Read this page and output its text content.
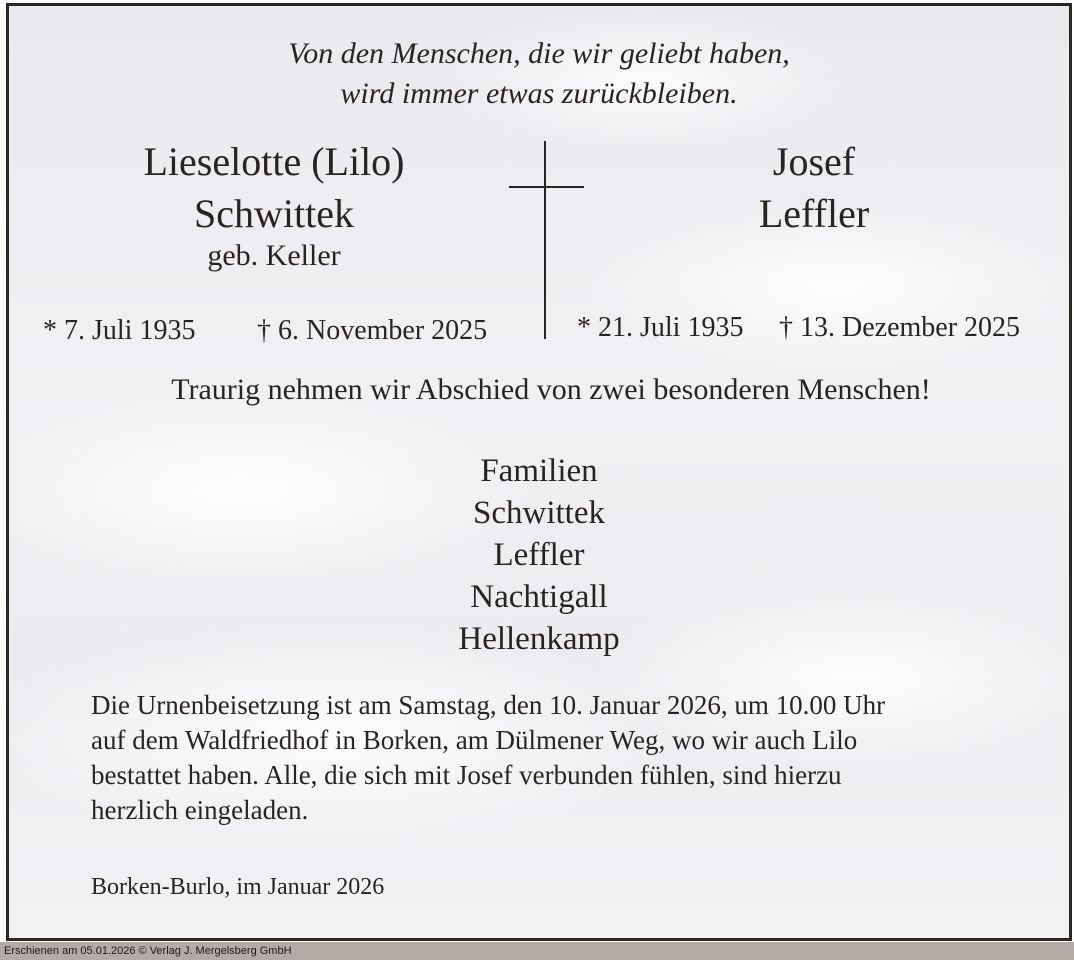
Von den Menschen, die wir geliebt haben,

wird immer etwas zurückbleiben.

Lieselotte (Lilo)

Schwittek

geb. Keller

* 7. Juli 1935 † 6. November 2025

Josef

Leffler

* 21. Juli 1935 † 13. Dezember 2025

Traurig nehmen wir Abschied von zwei besonderen Menschen!

Familien

Schwittek

Leffler

Nachtigall

Hellenkamp

Die Urnenbeisetzung ist am Samstag, den 10. Januar 2026, um 10.00 Uhr

auf dem Waldfriedhof in Borken, am Dülmener Weg, wo wir auch Lilo

bestattet haben. Alle, die sich mit Josef verbunden fühlen, sind hierzu

herzlich eingeladen.

Borken-Burlo, im Januar 2026

Erschienen am 05.01.2026 © Verlag J. Mergelsberg GmbH
